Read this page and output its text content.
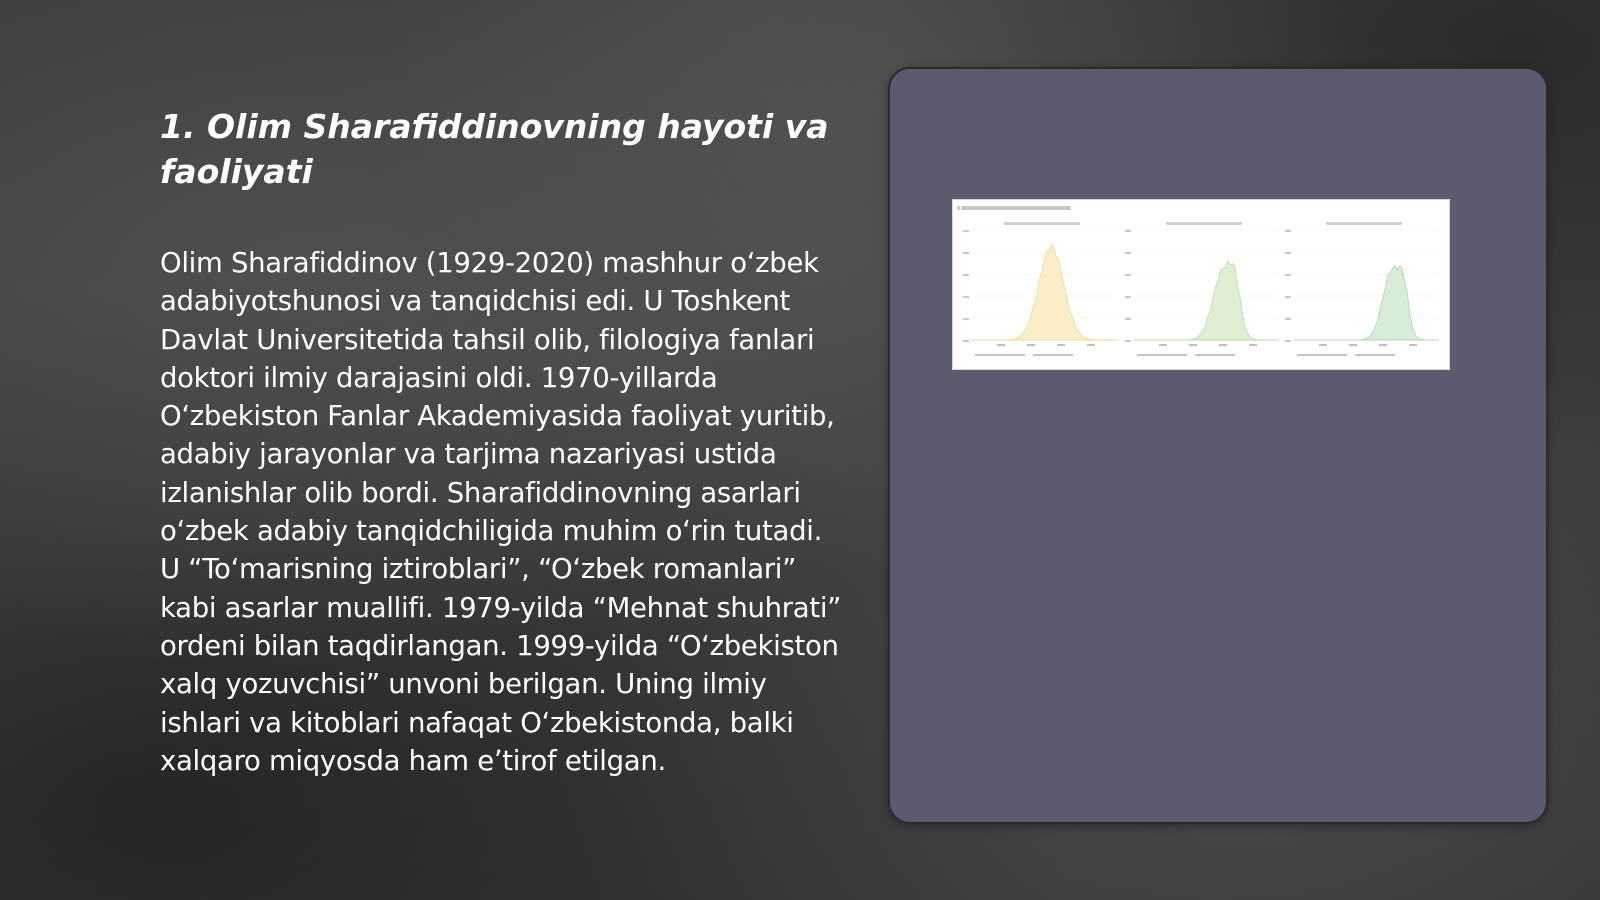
1. Olim Sharafiddinovning hayoti va faoliyati

Olim Sharafiddinov (1929-2020) mashhur oʻzbek adabiyotshunosi va tanqidchisi edi. U Toshkent Davlat Universitetida tahsil olib, filologiya fanlari doktori ilmiy darajasini oldi. 1970-yillarda Oʻzbekiston Fanlar Akademiyasida faoliyat yuritib, adabiy jarayonlar va tarjima nazariyasi ustida izlanishlar olib bordi. Sharafiddinovning asarlari oʻzbek adabiy tanqidchiligida muhim oʻrin tutadi. U “Toʻmarisning iztiroblari”, “Oʻzbek romanlari” kabi asarlar muallifi. 1979-yilda “Mehnat shuhrati” ordeni bilan taqdirlangan. 1999-yilda “Oʻzbekiston xalq yozuvchisi” unvoni berilgan. Uning ilmiy ishlari va kitoblari nafaqat Oʻzbekistonda, balki xalqaro miqyosda ham eʼtirof etilgan.
